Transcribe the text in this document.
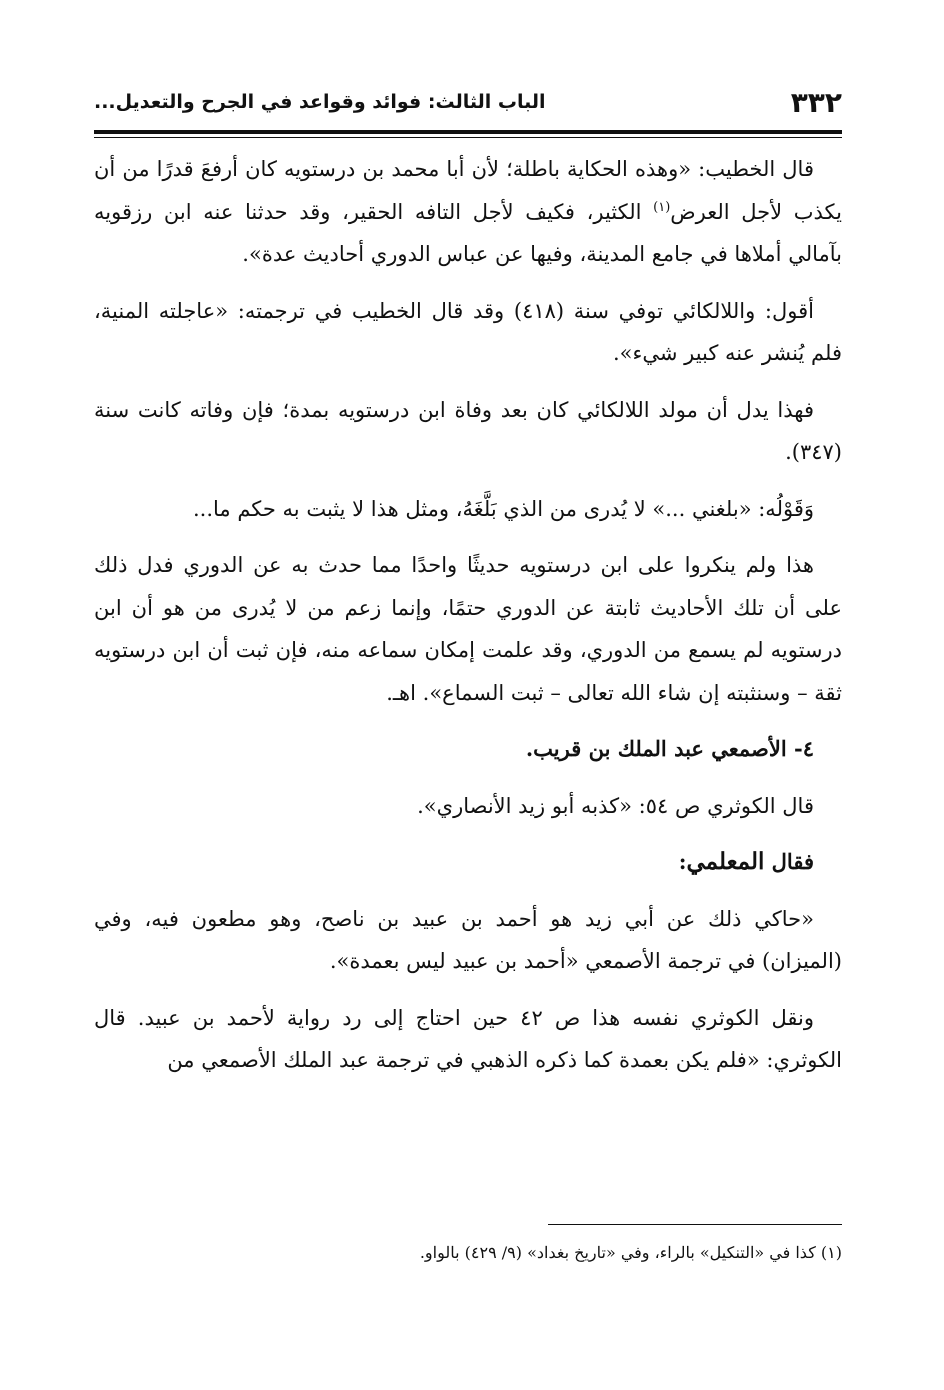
٣٣٢
الباب الثالث: فوائد وقواعد في الجرح والتعديل...

قال الخطيب: «وهذه الحكاية باطلة؛ لأن أبا محمد بن درستويه كان أرفعَ قدرًا من أن يكذب لأجل العرض$^{(١)}$ الكثير، فكيف لأجل التافه الحقير، وقد حدثنا عنه ابن رزقويه بآمالي أملاها في جامع المدينة، وفيها عن عباس الدوري أحاديث عدة».

أقول: واللالكائي توفي سنة (٤١٨) وقد قال الخطيب في ترجمته: «عاجلته المنية، فلم يُنشر عنه كبير شيء».

فهذا يدل أن مولد اللالكائي كان بعد وفاة ابن درستويه بمدة؛ فإن وفاته كانت سنة (٣٤٧).

وَقَوْلُه: «بلغني ...» لا يُدرى من الذي بَلَّغَهُ، ومثل هذا لا يثبت به حكم ما...

هذا ولم ينكروا على ابن درستويه حديثًا واحدًا مما حدث به عن الدوري فدل ذلك على أن تلك الأحاديث ثابتة عن الدوري حتمًا، وإنما زعم من لا يُدرى من هو أن ابن درستويه لم يسمع من الدوري، وقد علمت إمكان سماعه منه، فإن ثبت أن ابن درستويه ثقة – وسنثبته إن شاء الله تعالى – ثبت السماع». اهـ.

٤- الأصمعي عبد الملك بن قريب.

قال الكوثري ص ٥٤: «كذبه أبو زيد الأنصاري».

فقال المعلمي:

«حاكي ذلك عن أبي زيد هو أحمد بن عبيد بن ناصح، وهو مطعون فيه، وفي (الميزان) في ترجمة الأصمعي «أحمد بن عبيد ليس بعمدة».

ونقل الكوثري نفسه هذا ص ٤٢ حين احتاج إلى رد رواية لأحمد بن عبيد. قال الكوثري: «فلم يكن بعمدة كما ذكره الذهبي في ترجمة عبد الملك الأصمعي من

(١) كذا في «التنكيل» بالراء، وفي «تاريخ بغداد» (٩/ ٤٢٩) بالواو.
